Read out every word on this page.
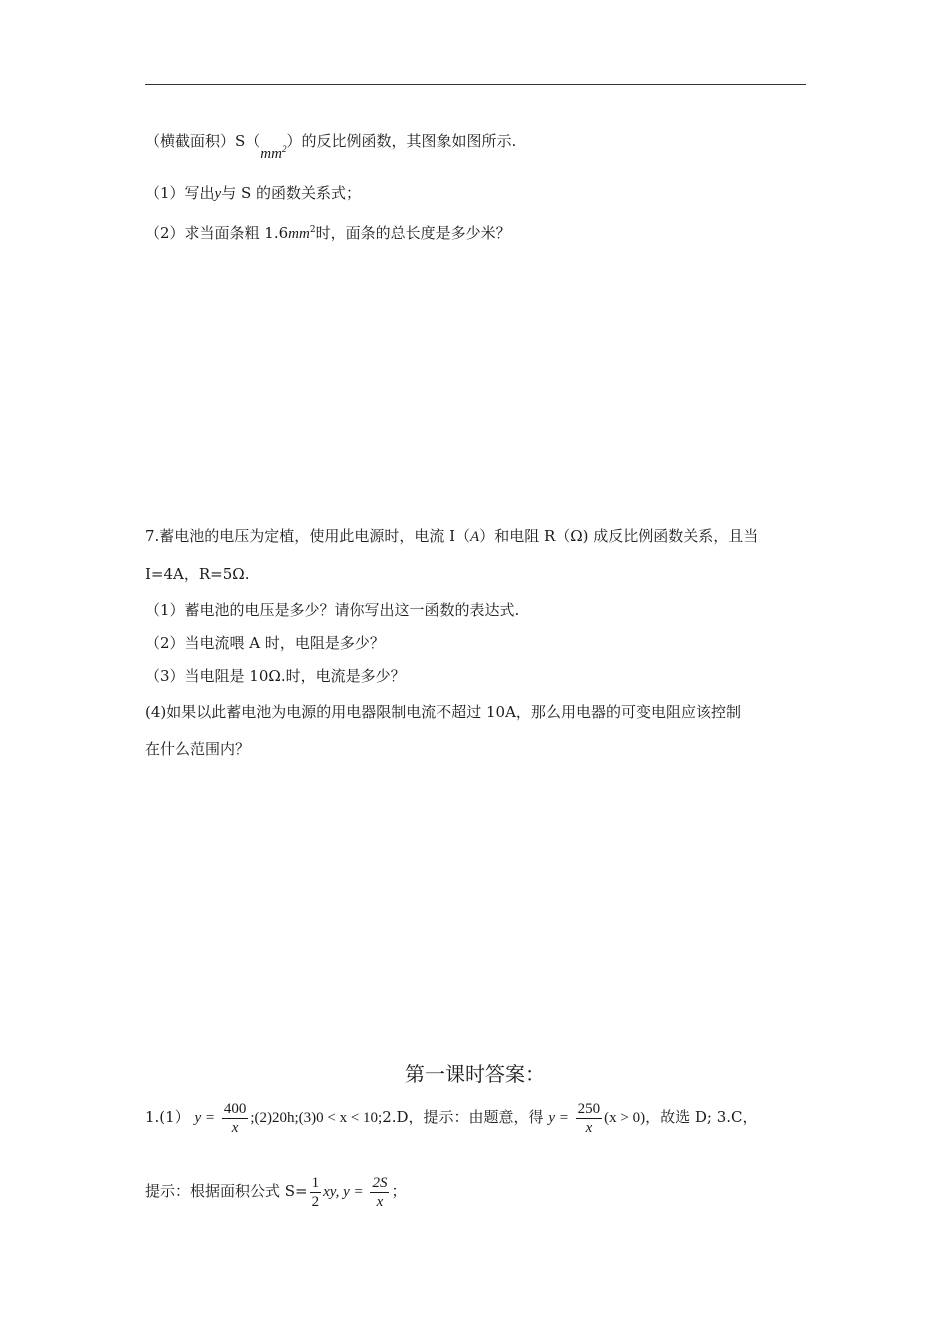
（横截面积）$S(mm^2)$的反比例函数，其图象如图所示.
（1）写出y与 S 的函数关系式；
（2）求当面条粗 $1.6mm^2$时，面条的总长度是多少米？
7.蓄电池的电压为定植，使用此电源时，电流 I（A）和电阻 R（Ω) 成反比例函数关系，且当
I=4A，R=5Ω.
（1）蓄电池的电压是多少？请你写出这一函数的表达式.
（2）当电流喂 A 时，电阻是多少？
（3）当电阻是 10Ω.时，电流是多少？
(4)如果以此蓄电池为电源的用电器限制电流不超过 10A，那么用电器的可变电阻应该控制
在什么范围内？
第一课时答案：
1.(1） $y = \frac{400}{x}$ ;(2)20h;(3)0 < x < 10;2.D，提示：由题意，得 $y = \frac{250}{x} (x > 0)$，故选 D; 3.C，
提示：根据面积公式 $S= \frac{1}{2}$ xy, $y = \frac{2S}{x}$ ；
